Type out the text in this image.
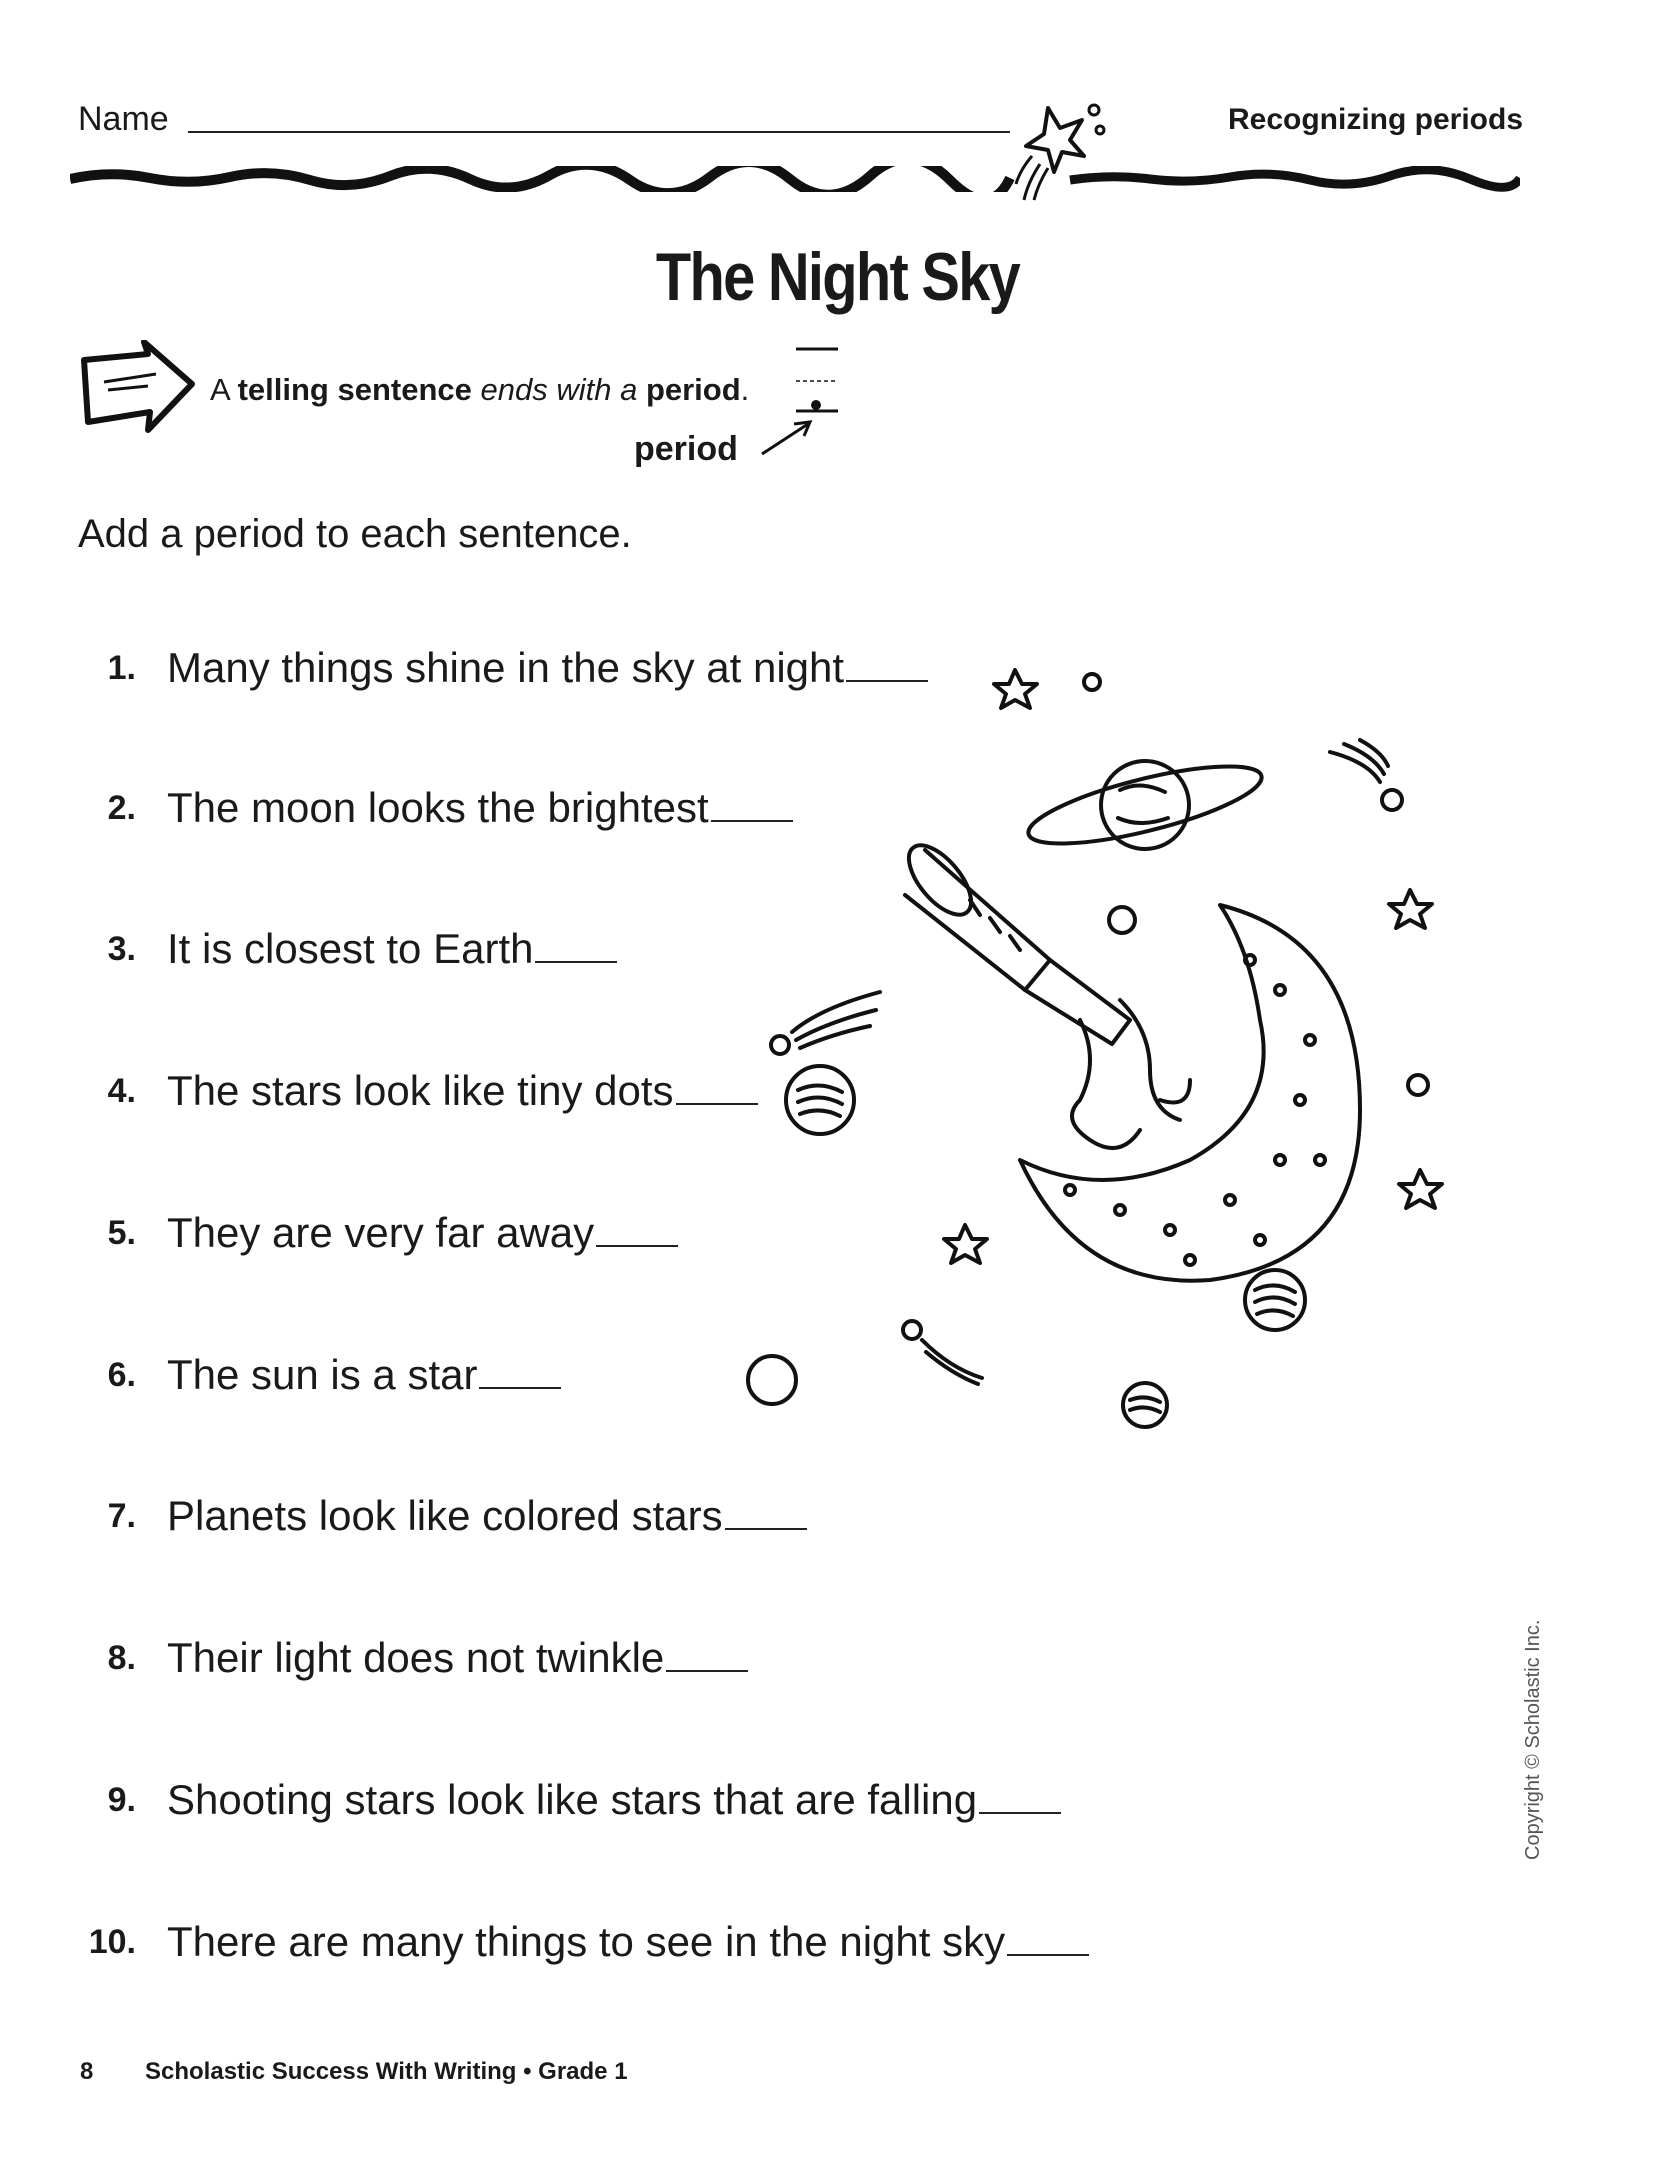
Name	Recognizing periods
The Night Sky
A telling sentence ends with a period.
period
Add a period to each sentence.
1. Many things shine in the sky at night
2. The moon looks the brightest
3. It is closest to Earth
4. The stars look like tiny dots
5. They are very far away
6. The sun is a star
7. Planets look like colored stars
8. Their light does not twinkle
9. Shooting stars look like stars that are falling
10. There are many things to see in the night sky
Copyright © Scholastic Inc.
8 Scholastic Success With Writing • Grade 1
